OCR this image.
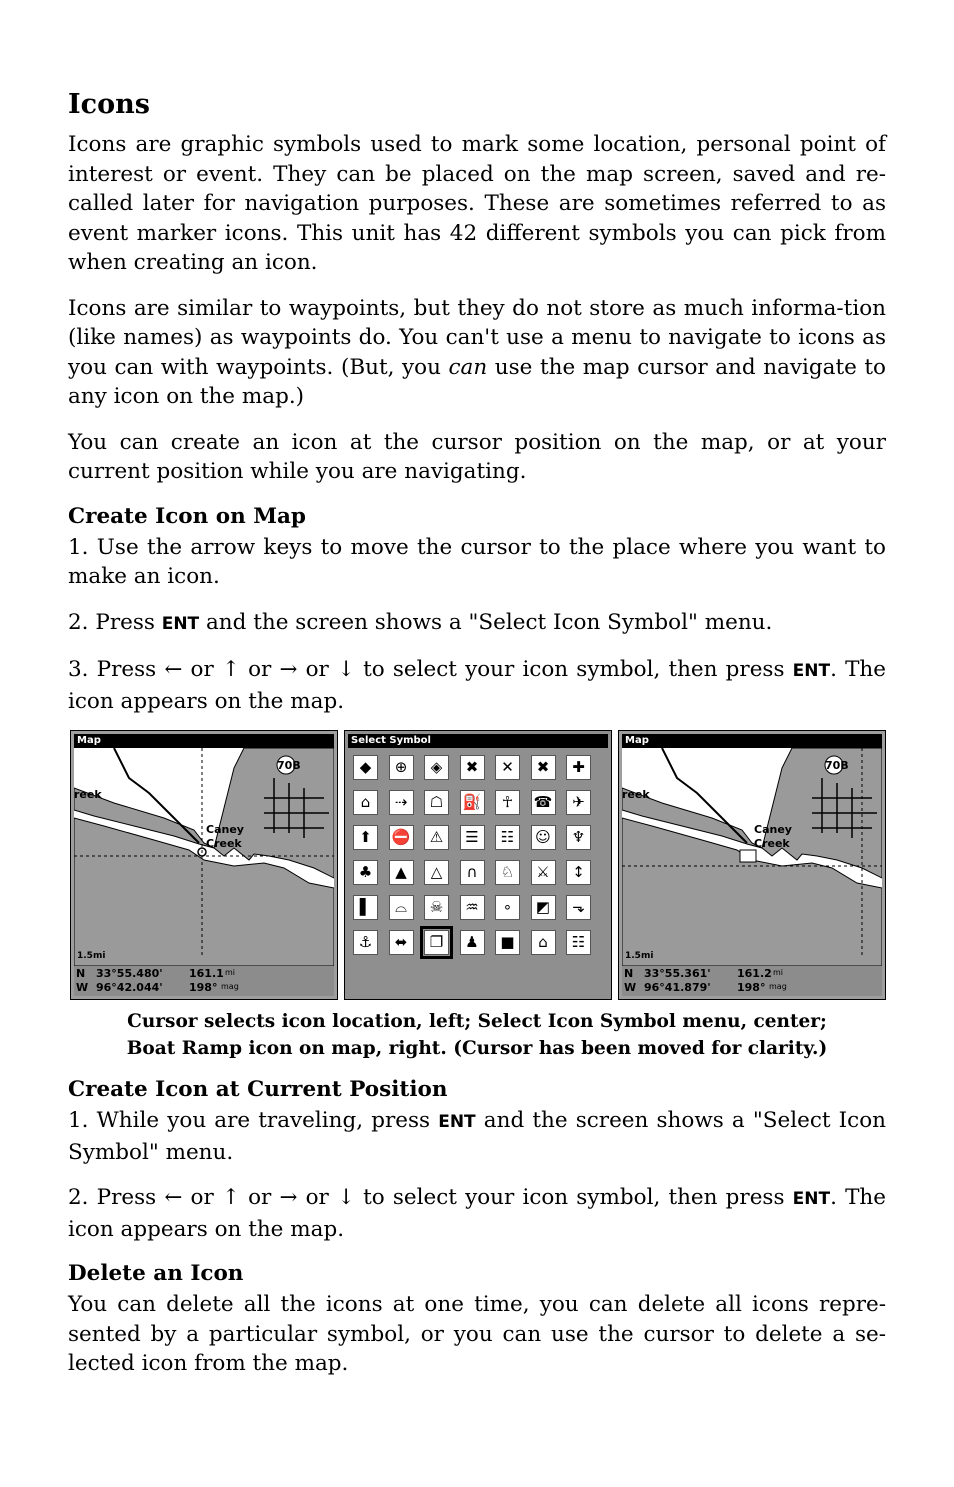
Icons

Icons are graphic symbols used to mark some location, personal point of interest or event. They can be placed on the map screen, saved and re-called later for navigation purposes. These are sometimes referred to as event marker icons. This unit has 42 different symbols you can pick from when creating an icon.

Icons are similar to waypoints, but they do not store as much informa-tion (like names) as waypoints do. You can't use a menu to navigate to icons as you can with waypoints. (But, you can use the map cursor and navigate to any icon on the map.)

You can create an icon at the cursor position on the map, or at your current position while you are navigating.

Create Icon on Map

1. Use the arrow keys to move the cursor to the place where you want to make an icon.

2. Press ENT and the screen shows a "Select Icon Symbol" menu.

3. Press ← or ↑ or → or ↓ to select your icon symbol, then press ENT. The icon appears on the map.

Map
70B
reek
Caney
Creek
1.5mi
N 33°55.480'
W 96°42.044'
161.1 mi
198° mag
Select Symbol
◆	⊕	◈	✖	✕	✖	✚
⌂	⇢	☖	⛽	☥	☎	✈
⬆	⛔	⚠	☰	☷	☺	♆
♣	▲	△	∩	♘	⚔	↕
▌	⌓	☠	♒	∘	◩	⬎
⚓	⬌	❐	♟	■	⌂	☷
Map
70B
reek
Caney
Creek
1.5mi
N 33°55.361'
W 96°41.879'
161.2 mi
198° mag
Cursor selects icon location, left; Select Icon Symbol menu, center;
Boat Ramp icon on map, right. (Cursor has been moved for clarity.)
Create Icon at Current Position

1. While you are traveling, press ENT and the screen shows a "Select Icon Symbol" menu.

2. Press ← or ↑ or → or ↓ to select your icon symbol, then press ENT. The icon appears on the map.

Delete an Icon

You can delete all the icons at one time, you can delete all icons repre-sented by a particular symbol, or you can use the cursor to delete a se-lected icon from the map.
